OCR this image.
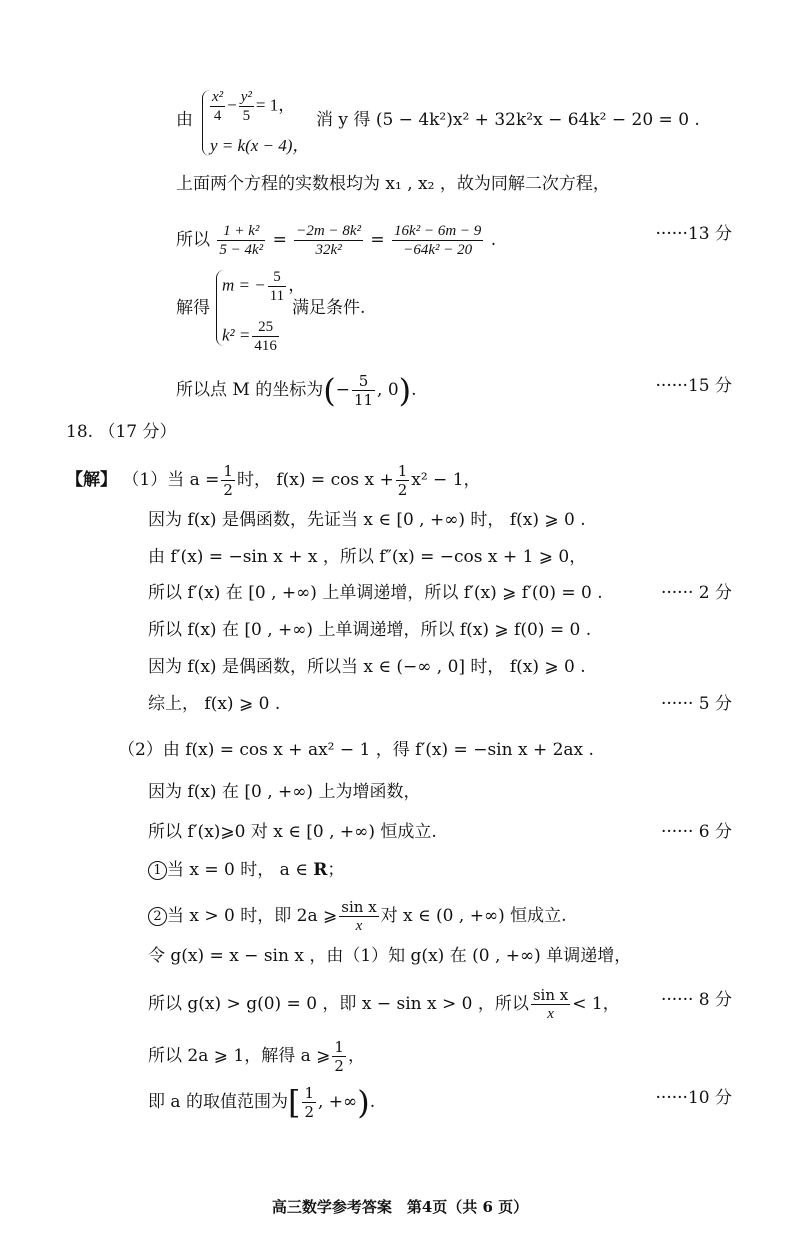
由 $\frac{\text{x²}}{4} - \frac{\text{y²}}{5} = 1$，
y = k(x − 4)，
消 y 得 (5 − 4k²)x² + 32k²x − 64k² − 20 = 0 .
上面两个方程的实数根均为 x₁ , x₂ ，故为同解二次方程，
所以 $\frac{\text{1 + k²}}{\text{5 − 4k²}} = \frac{\text{−2m − 8k²}}{\text{32k²}} = \frac{\text{16k² − 6m − 9}}{\text{−64k² − 20}}$ .	······13 分
解得
m = − $\frac{5}{11}$ ，
$k^2 = \frac{25}{416}$
满足条件.
所以点 M 的坐标为(− $\frac{5}{11}$ , 0).	······15 分
18. （17 分）
【解】 （1）当 $a = \frac{1}{2}$ 时， $f(x) = \cos x + \frac{1}{2} x^2 - 1$，
因为 f(x) 是偶函数，先证当 x ∈ [0 , +∞) 时， f(x) ⩾ 0 .
由 f′(x) = −sin x + x ，所以 f″(x) = −cos x + 1 ⩾ 0，
所以 f′(x) 在 [0 , +∞) 上单调递增，所以 f′(x) ⩾ f′(0) = 0 .	······ 2 分
所以 f(x) 在 [0 , +∞) 上单调递增，所以 f(x) ⩾ f(0) = 0 .
因为 f(x) 是偶函数，所以当 x ∈ (−∞ , 0] 时， f(x) ⩾ 0 .
综上， f(x) ⩾ 0 .	······ 5 分
（2）由 f(x) = cos x + ax² − 1 ，得 f′(x) = −sin x + 2ax .
因为 f(x) 在 [0 , +∞) 上为增函数，
所以 f′(x)⩾0 对 x ∈ [0 , +∞) 恒成立.	······ 6 分
1 当 x = 0 时， a ∈ R；
2 当 x > 0 时，即 2a ⩾ $\frac{\text{sin x}}{x}$ 对 x ∈ (0 , +∞) 恒成立.
令 g(x) = x − sin x ，由（1）知 g(x) 在 (0 , +∞) 单调递增，
所以 g(x) > g(0) = 0 ，即 x − sin x > 0 ，所以 $\frac{\text{sin x}}{x} < 1$， ······ 8 分
所以 2a ⩾ 1，解得 a ⩾ $\frac{1}{2}$ ，
即 a 的取值范围为[ $\frac{1}{2}$ , +∞).	······10 分
高三数学参考答案　第4页（共 6 页）
